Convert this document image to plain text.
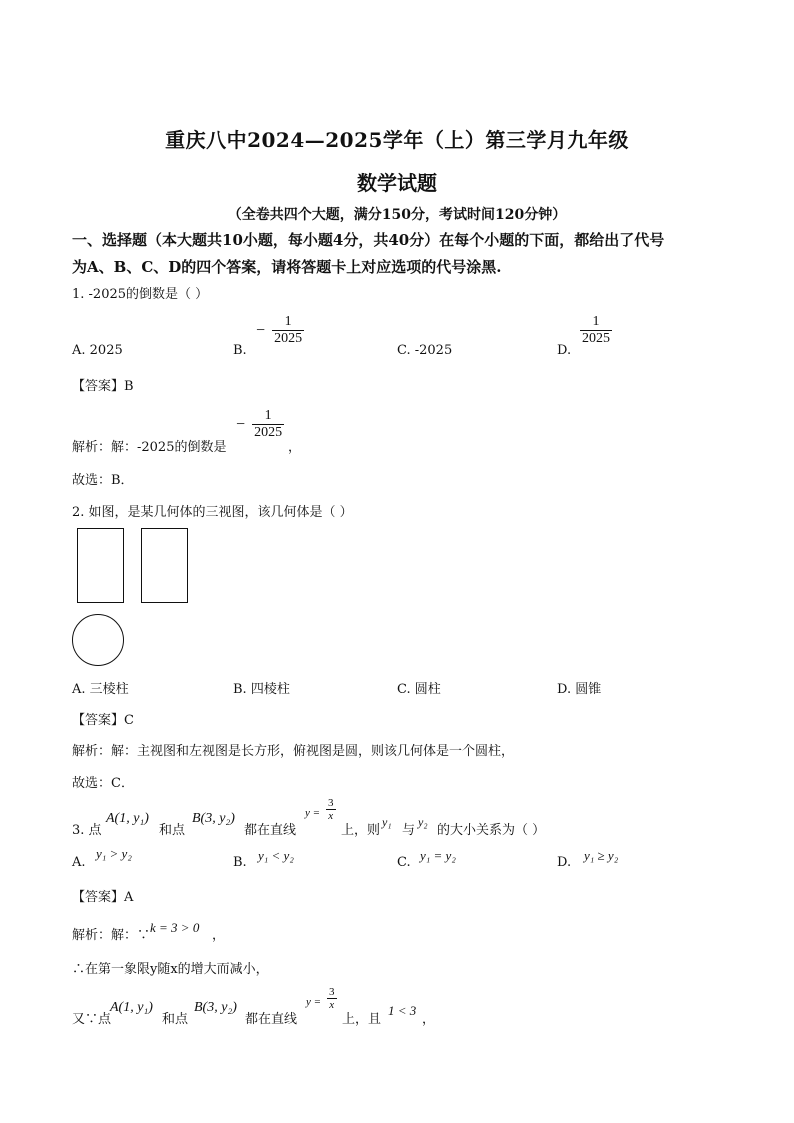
重庆八中2024—2025学年（上）第三学月九年级
数学试题
（全卷共四个大题，满分150分，考试时间120分钟）
一、选择题（本大题共10小题，每小题4分，共40分）在每个小题的下面，都给出了代号
为A、B、C、D的四个答案，请将答题卡上对应选项的代号涂黑.
1. -2025的倒数是（ ）
A. 2025	B.
− $\frac{1}{2025}$
C. -2025	D.
$\frac{1}{2025}$
【答案】B
解析：解：-2025的倒数是
− $\frac{1}{2025}$
，
故选：B．
2. 如图，是某几何体的三视图，该几何体是（ ）
A. 三棱柱	B. 四棱柱	C. 圆柱	D. 圆锥
【答案】C
解析：解：主视图和左视图是长方形，俯视图是圆，则该几何体是一个圆柱，
故选：C．
3. 点
A(1, y₁)
和点
B(3, y₂)
都在直线
$y = \frac{3}{x}$
上，则
y₁
与
y₂
的大小关系为（ ）
A.
y₁ > y₂
B. y₁ < y₂	C. y₁ = y₂	D. y₁ ≥ y₂
【答案】A
解析：解：∵
k = 3 > 0
，
∴在第一象限y随x的增大而减小，
又∵点
A(1, y₁)
和点
B(3, y₂)
都在直线
$y = \frac{3}{x}$
上，且
1 < 3
，
